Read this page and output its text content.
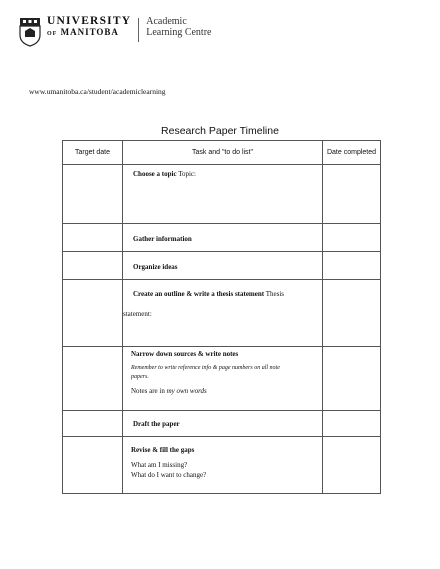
UNIVERSITY
OF MANITOBA
Academic
Learning Centre
www.umanitoba.ca/student/academiclearning
Research Paper Timeline
Target date	Task and "to do list"	Date completed

	Choose a topic Topic:	

	Gather information	

	Organize ideas	

	Create an outline & write a thesis statement Thesis
statement:	

	Narrow down sources & write notes
Remember to write reference info & page numbers on all note papers.
Notes are in my own words	

	Draft the paper	

	Revise & fill the gaps
What am I missing?
What do I want to change?	
